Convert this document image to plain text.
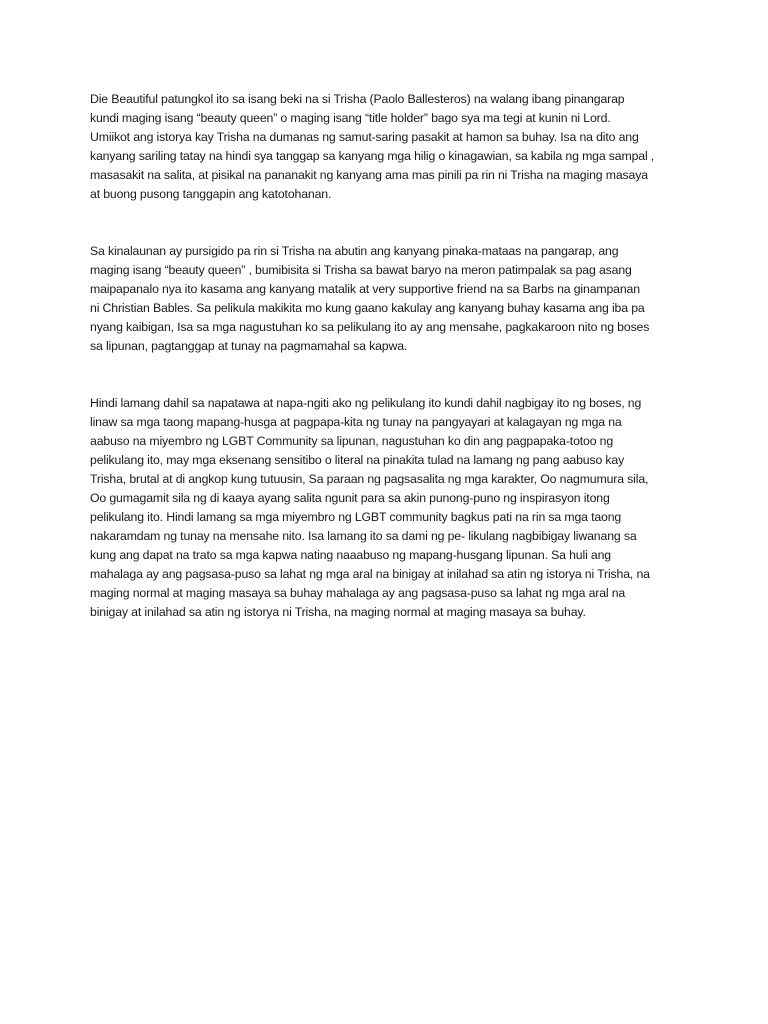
Die Beautiful patungkol ito sa isang beki na si Trisha (Paolo Ballesteros) na walang ibang pinangarap
kundi maging isang “beauty queen” o maging isang “title holder” bago sya ma tegi at kunin ni Lord.
Umiikot ang istorya kay Trisha na dumanas ng samut-saring pasakit at hamon sa buhay. Isa na dito ang
kanyang sariling tatay na hindi sya tanggap sa kanyang mga hilig o kinagawian, sa kabila ng mga sampal ,
masasakit na salita, at pisikal na pananakit ng kanyang ama mas pinili pa rin ni Trisha na maging masaya
at buong pusong tanggapin ang katotohanan.

Sa kinalaunan ay pursigido pa rin si Trisha na abutin ang kanyang pinaka-mataas na pangarap, ang
maging isang “beauty queen” , bumibisita si Trisha sa bawat baryo na meron patimpalak sa pag asang
maipapanalo nya ito kasama ang kanyang matalik at very supportive friend na sa Barbs na ginampanan
ni Christian Bables. Sa pelikula makikita mo kung gaano kakulay ang kanyang buhay kasama ang iba pa
nyang kaibigan, Isa sa mga nagustuhan ko sa pelikulang ito ay ang mensahe, pagkakaroon nito ng boses
sa lipunan, pagtanggap at tunay na pagmamahal sa kapwa.

Hindi lamang dahil sa napatawa at napa-ngiti ako ng pelikulang ito kundi dahil nagbigay ito ng boses, ng
linaw sa mga taong mapang-husga at pagpapa-kita ng tunay na pangyayari at kalagayan ng mga na
aabuso na miyembro ng LGBT Community sa lipunan, nagustuhan ko din ang pagpapaka-totoo ng
pelikulang ito, may mga eksenang sensitibo o literal na pinakita tulad na lamang ng pang aabuso kay
Trisha, brutal at di angkop kung tutuusin, Sa paraan ng pagsasalita ng mga karakter, Oo nagmumura sila,
Oo gumagamit sila ng di kaaya ayang salita ngunit para sa akin punong-puno ng inspirasyon itong
pelikulang ito. Hindi lamang sa mga miyembro ng LGBT community bagkus pati na rin sa mga taong
nakaramdam ng tunay na mensahe nito. Isa lamang ito sa dami ng pe- likulang nagbibigay liwanang sa
kung ang dapat na trato sa mga kapwa nating naaabuso ng mapang-husgang lipunan. Sa huli ang
mahalaga ay ang pagsasa-puso sa lahat ng mga aral na binigay at inilahad sa atin ng istorya ni Trisha, na
maging normal at maging masaya sa buhay mahalaga ay ang pagsasa-puso sa lahat ng mga aral na
binigay at inilahad sa atin ng istorya ni Trisha, na maging normal at maging masaya sa buhay.
